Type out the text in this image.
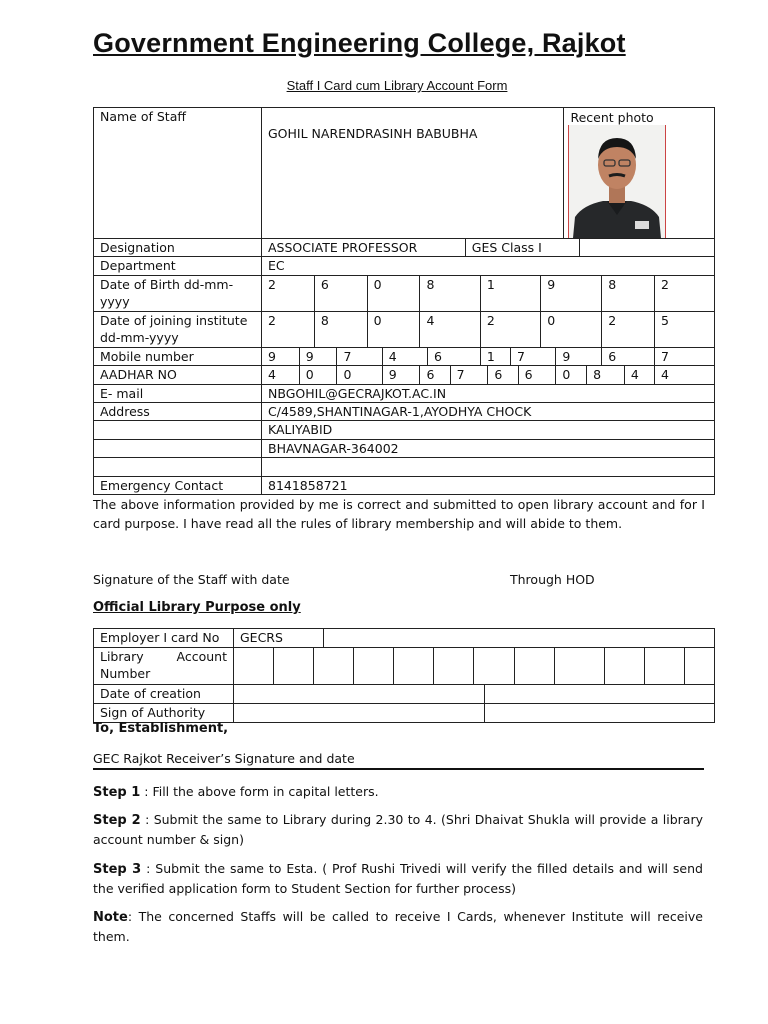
Government Engineering College, Rajkot
Staff I Card cum Library Account Form
Name of Staff	GOHIL NARENDRASINH BABUBHA																Recent photo					

Designation	ASSOCIATE PROFESSOR									GES Class I												
Department	EC																					
Date of Birth dd-mm-yyyy	2		6		0		8				1				9					8		2
Date of joining institute dd-mm-yyyy	2		8		0		4				2				0					2		5
Mobile number	9	9		7		4		6			1		7			9				6		7
AADHAR NO	4	0		0		9	6		7			6		6		0			8		4	4
E- mail	NBGOHIL@GECRAJKOT.AC.IN																					
Address	C/4589,SHANTINAGAR-1,AYODHYA CHOCK																					
	KALIYABID																					
	BHAVNAGAR-364002																					

Emergency Contact	8141858721																					
The above information provided by me is correct and submitted to open library account and for I card purpose. I have read all the rules of library membership and will abide to them.
Signature of the Staff with date	Through HOD
Official Library Purpose only
Employer I card No	GECRS													
Library Account Number														
Date of creation														
Sign of Authority														
To, Establishment,
GEC Rajkot Receiver’s Signature and date
Step 1 : Fill the above form in capital letters.
Step 2 : Submit the same to Library during 2.30 to 4. (Shri Dhaivat Shukla will provide a library account number & sign)
Step 3 : Submit the same to Esta. ( Prof Rushi Trivedi will verify the filled details and will send the verified application form to Student Section for further process)
Note: The concerned Staffs will be called to receive I Cards, whenever Institute will receive them.
